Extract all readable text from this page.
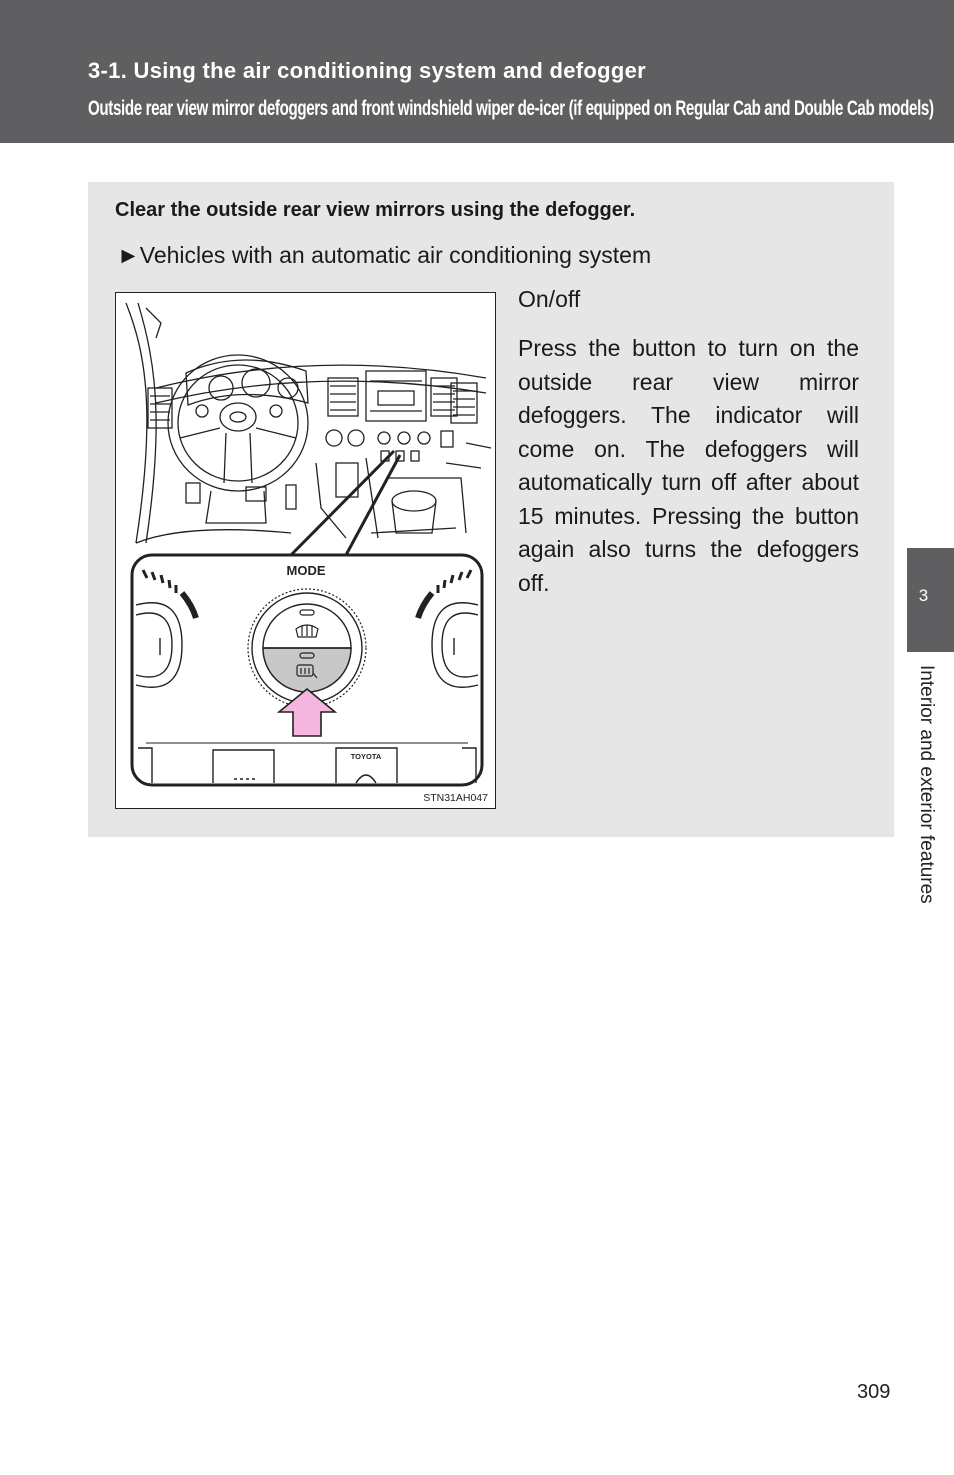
3-1. Using the air conditioning system and defogger
Outside rear view mirror defoggers and front windshield wiper de-icer (if equipped on Regular Cab and Double Cab models)
Clear the outside rear view mirrors using the defogger.
►Vehicles with an automatic air conditioning system
MODE
TOYOTA
STN31AH047
On/off

Press the button to turn on the outside rear view mirror defoggers. The indicator will come on. The defoggers will automatically turn off after about 15 minutes. Pressing the button again also turns the defoggers off.	3
Interior and exterior features
309
